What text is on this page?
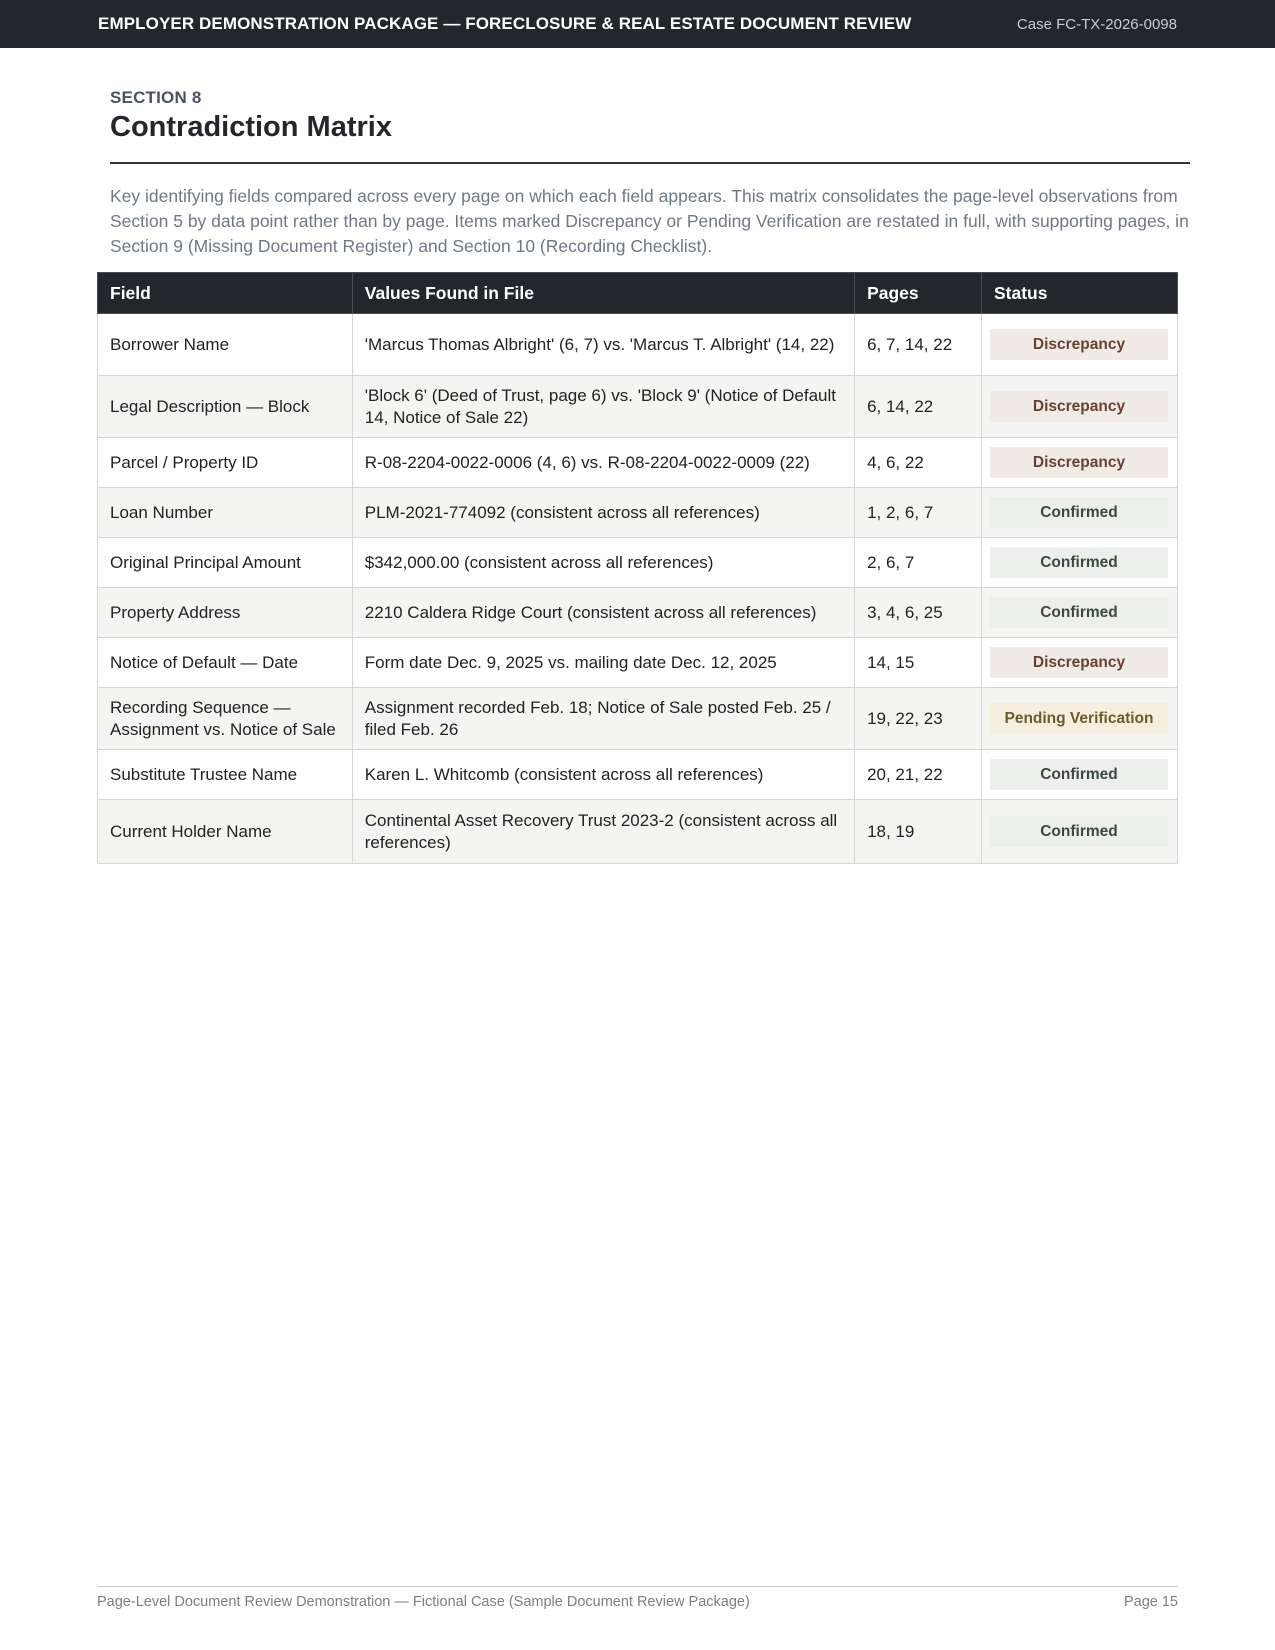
EMPLOYER DEMONSTRATION PACKAGE — FORECLOSURE & REAL ESTATE DOCUMENT REVIEW	Case FC-TX-2026-0098
SECTION 8
Contradiction Matrix

Key identifying fields compared across every page on which each field appears. This matrix consolidates the page-level observations from Section 5 by data point rather than by page. Items marked Discrepancy or Pending Verification are restated in full, with supporting pages, in Section 9 (Missing Document Register) and Section 10 (Recording Checklist).

Field	Values Found in File	Pages	Status
Borrower Name	'Marcus Thomas Albright' (6, 7) vs. 'Marcus T. Albright' (14, 22)	6, 7, 14, 22	Discrepancy

Legal Description — Block	'Block 6' (Deed of Trust, page 6) vs. 'Block 9' (Notice of Default 14, Notice of Sale 22)	6, 14, 22	Discrepancy

Parcel / Property ID	R-08-2204-0022-0006 (4, 6) vs. R-08-2204-0022-0009 (22)	4, 6, 22	Discrepancy

Loan Number	PLM-2021-774092 (consistent across all references)	1, 2, 6, 7	Confirmed

Original Principal Amount	$342,000.00 (consistent across all references)	2, 6, 7	Confirmed

Property Address	2210 Caldera Ridge Court (consistent across all references)	3, 4, 6, 25	Confirmed

Notice of Default — Date	Form date Dec. 9, 2025 vs. mailing date Dec. 12, 2025	14, 15	Discrepancy

Recording Sequence — Assignment vs. Notice of Sale	Assignment recorded Feb. 18; Notice of Sale posted Feb. 25 / filed Feb. 26	19, 22, 23	Pending Verification

Substitute Trustee Name	Karen L. Whitcomb (consistent across all references)	20, 21, 22	Confirmed

Current Holder Name	Continental Asset Recovery Trust 2023-2 (consistent across all references)	18, 19	Confirmed
Page-Level Document Review Demonstration — Fictional Case (Sample Document Review Package)	Page 15
